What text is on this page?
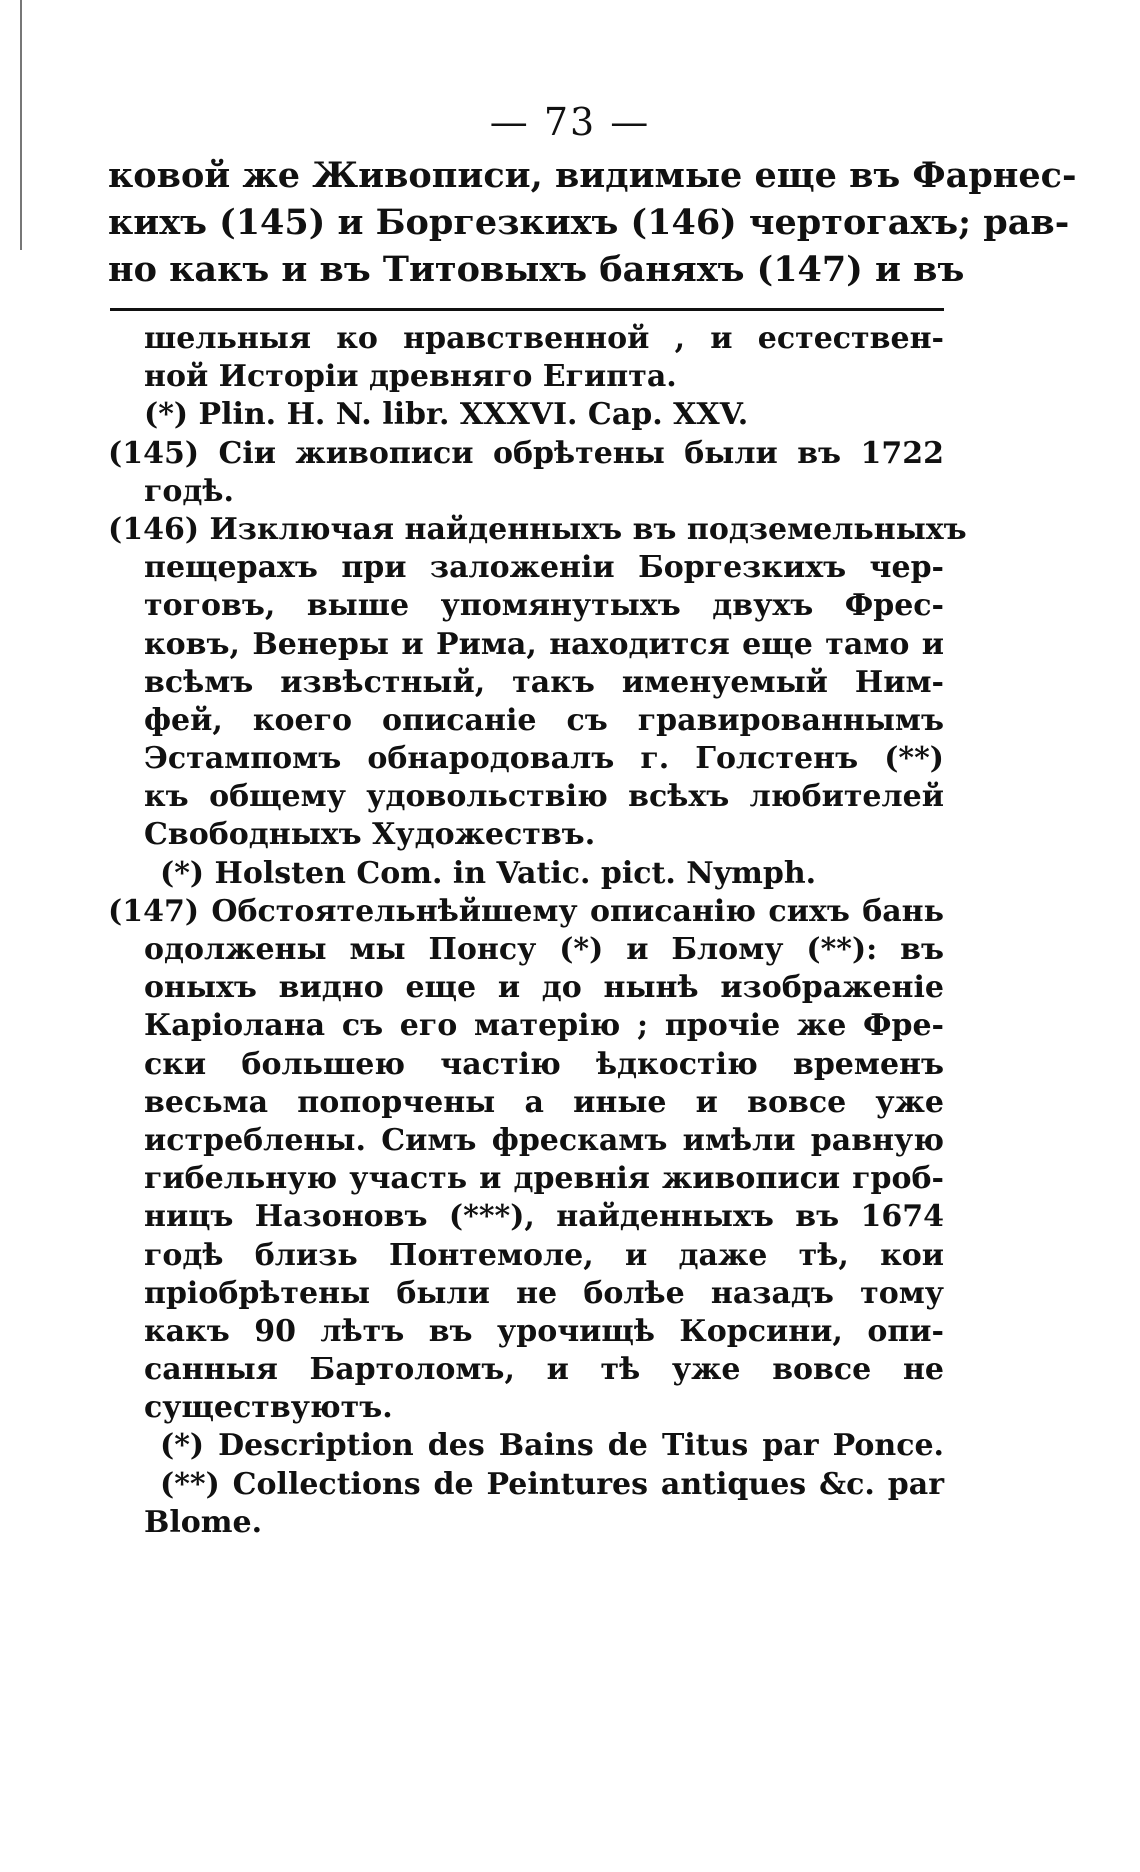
— 73 —
ковой же Живописи, видимые еще въ Фарнес-
кихъ (145) и Боргезкихъ (146) чертогахъ; рав-
но какъ и въ Титовыхъ баняхъ (147) и въ
шельныя ко нравственной , и естествен-
ной Исторіи древняго Египта.
(*) Plin. H. N. libr. XXXVI. Cap. XXV.
(145) Сіи живописи обрѣтены были въ 1722
годѣ.
(146) Изключая найденныхъ въ подземельныхъ
пещерахъ при заложеніи Боргезкихъ чер-
тоговъ, выше упомянутыхъ двухъ Фрес-
ковъ, Венеры и Рима, находится еще тамо и
всѣмъ извѣстный, такъ именуемый Ним-
фей, коего описаніе съ гравированнымъ
Эстампомъ обнародовалъ г. Голстенъ (**)
къ общему удовольствію всѣхъ любителей
Свободныхъ Художествъ.
(*) Holsten Com. in Vatic. pict. Nymph.
(147) Обстоятельнѣйшему описанію сихъ бань
одолжены мы Понсу (*) и Блому (**): въ
оныхъ видно еще и до нынѣ изображеніе
Каріолана съ его матерію ; прочіе же Фре-
ски большею частію ѣдкостію временъ
весьма попорчены а иные и вовсе уже
истреблены. Симъ фрескамъ имѣли равную
гибельную участь и древнія живописи гроб-
ницъ Назоновъ (***), найденныхъ въ 1674
годѣ близь Понтемоле, и даже тѣ, кои
пріобрѣтены были не болѣе назадъ тому
какъ 90 лѣтъ въ урочищѣ Корсини, опи-
санныя Бартоломъ, и тѣ уже вовсе не
существуютъ.
(*) Description des Bains de Titus par Ponce.
(**) Collections de Peintures antiques &c. par
Blome.
